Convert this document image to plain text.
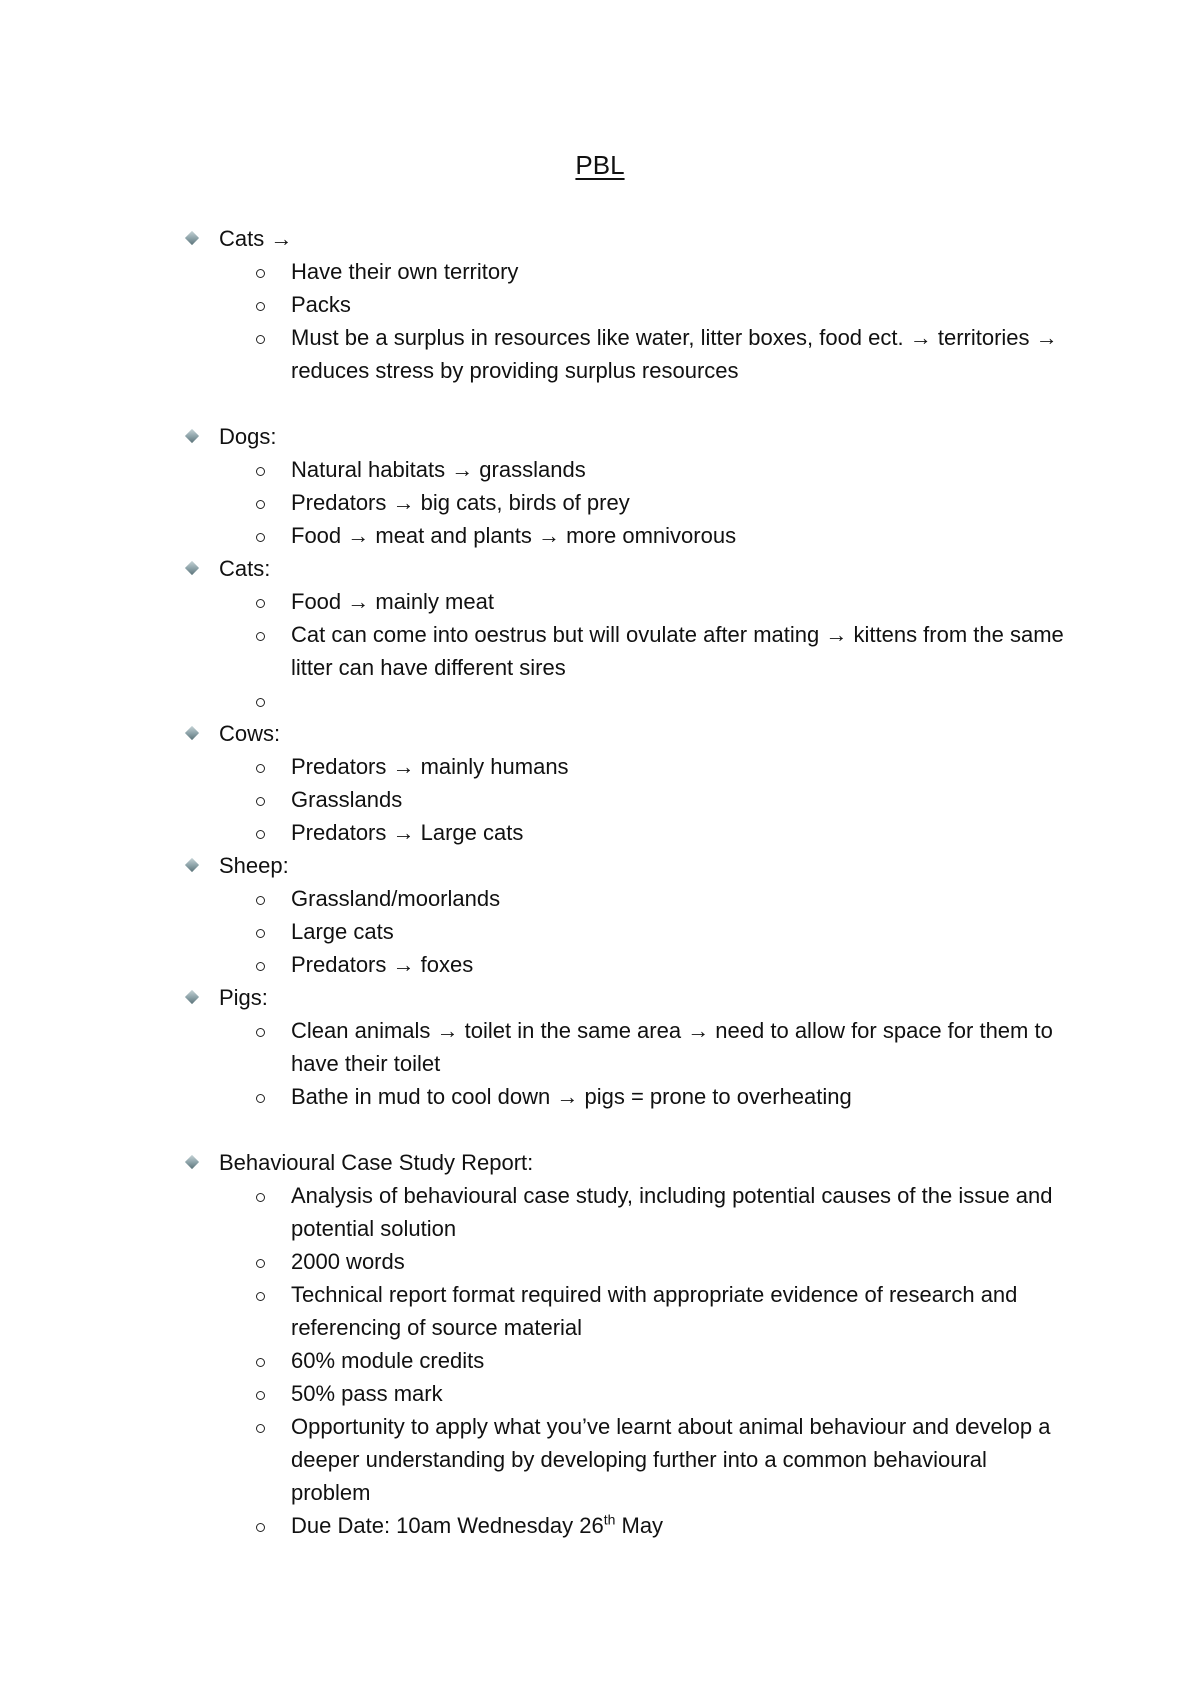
PBL
Cats →
Have their own territory
Packs
Must be a surplus in resources like water, litter boxes, food ect. → territories → reduces stress by providing surplus resources
Dogs:
Natural habitats → grasslands
Predators → big cats, birds of prey
Food → meat and plants → more omnivorous
Cats:
Food → mainly meat
Cat can come into oestrus but will ovulate after mating → kittens from the same litter can have different sires
Cows:
Predators → mainly humans
Grasslands
Predators → Large cats
Sheep:
Grassland/moorlands
Large cats
Predators → foxes
Pigs:
Clean animals → toilet in the same area → need to allow for space for them to have their toilet
Bathe in mud to cool down → pigs = prone to overheating
Behavioural Case Study Report:
Analysis of behavioural case study, including potential causes of the issue and potential solution
2000 words
Technical report format required with appropriate evidence of research and referencing of source material
60% module credits
50% pass mark
Opportunity to apply what you’ve learnt about animal behaviour and develop a deeper understanding by developing further into a common behavioural problem
Due Date: 10am Wednesday 26th May
